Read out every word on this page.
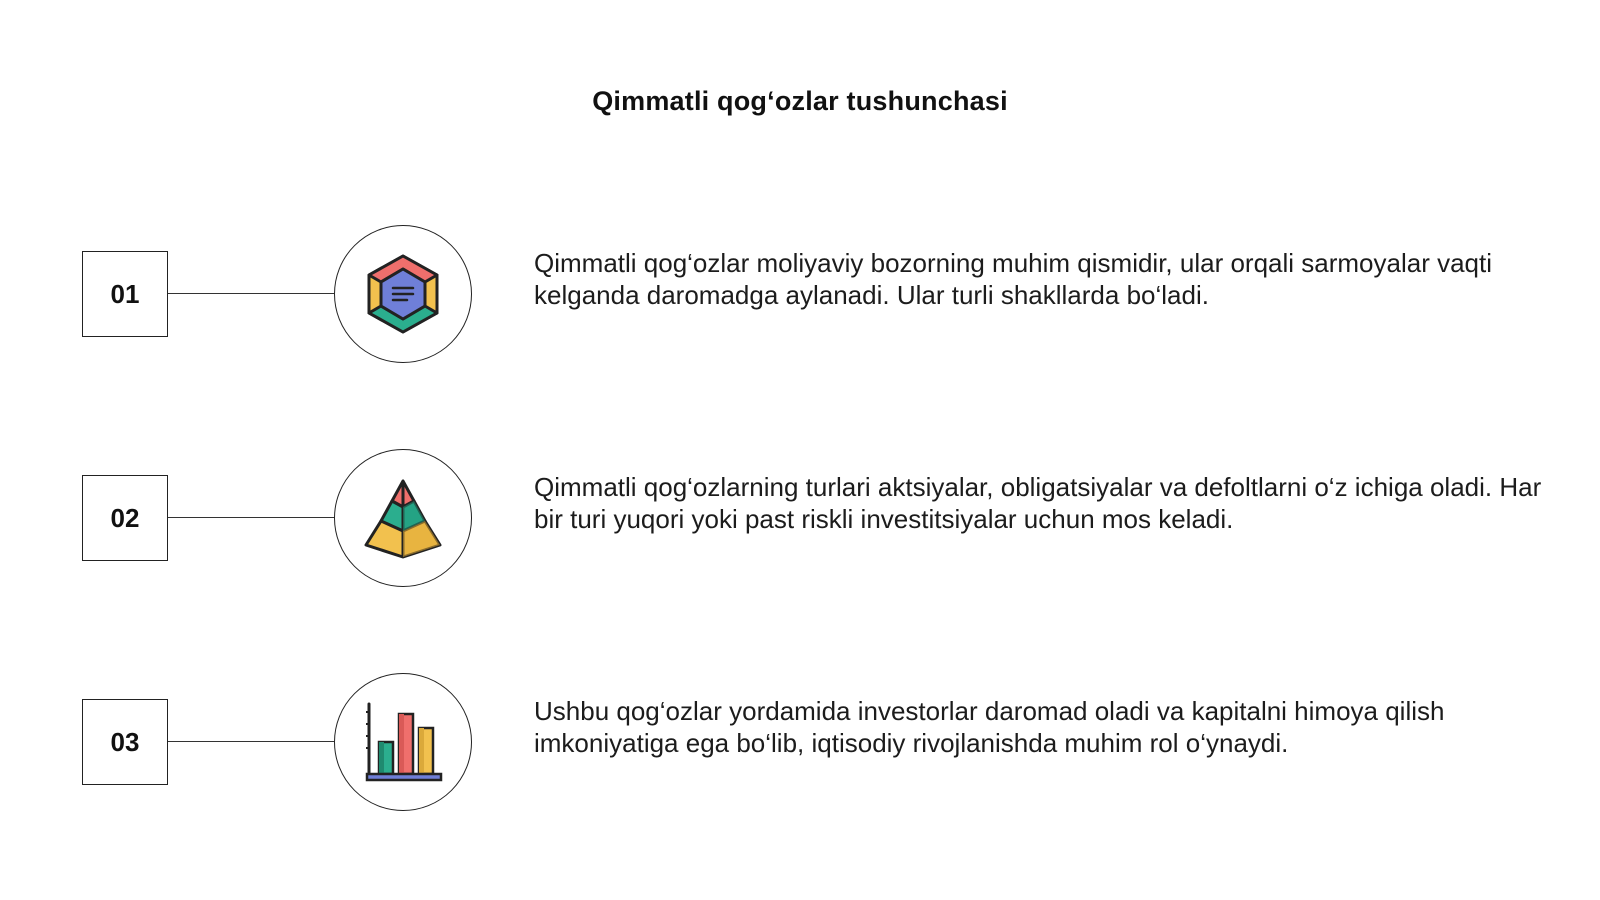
Qimmatli qog‘ozlar tushunchasi
01
Qimmatli qog‘ozlar moliyaviy bozorning muhim qismidir, ular orqali sarmoyalar vaqti kelganda daromadga aylanadi. Ular turli shakllarda bo‘ladi.
02
Qimmatli qog‘ozlarning turlari aktsiyalar, obligatsiyalar va defoltlarni o‘z ichiga oladi. Har bir turi yuqori yoki past riskli investitsiyalar uchun mos keladi.
03
Ushbu qog‘ozlar yordamida investorlar daromad oladi va kapitalni himoya qilish imkoniyatiga ega bo‘lib, iqtisodiy rivojlanishda muhim rol o‘ynaydi.
